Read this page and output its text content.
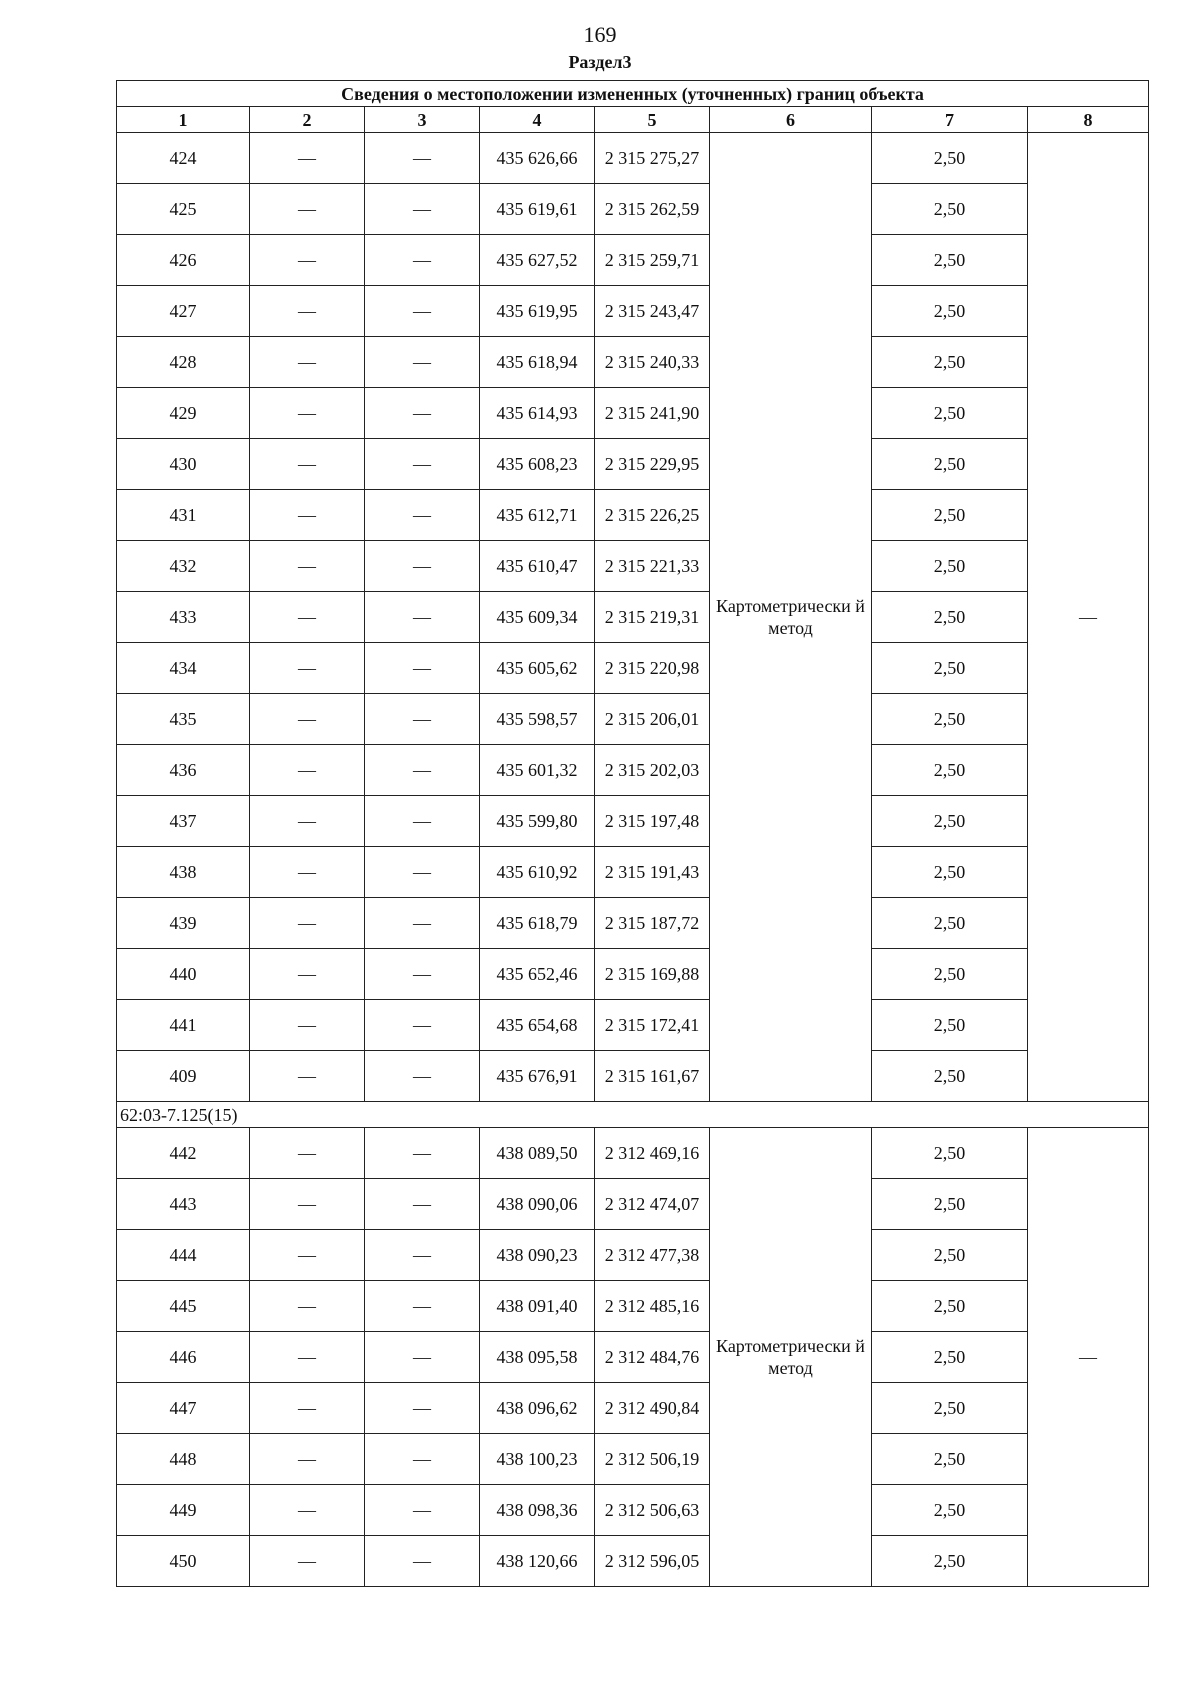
169
Раздел3
Сведения о местоположении измененных (уточненных) границ объекта							
1	2	3	4	5	6	7	8
424	—	—	435 626,66	2 315 275,27	Картометрически й метод	2,50	—
425	—	—	435 619,61	2 315 262,59		2,50	
426	—	—	435 627,52	2 315 259,71		2,50	
427	—	—	435 619,95	2 315 243,47		2,50	
428	—	—	435 618,94	2 315 240,33		2,50	
429	—	—	435 614,93	2 315 241,90		2,50	
430	—	—	435 608,23	2 315 229,95		2,50	
431	—	—	435 612,71	2 315 226,25		2,50	
432	—	—	435 610,47	2 315 221,33		2,50	
433	—	—	435 609,34	2 315 219,31		2,50	
434	—	—	435 605,62	2 315 220,98		2,50	
435	—	—	435 598,57	2 315 206,01		2,50	
436	—	—	435 601,32	2 315 202,03		2,50	
437	—	—	435 599,80	2 315 197,48		2,50	
438	—	—	435 610,92	2 315 191,43		2,50	
439	—	—	435 618,79	2 315 187,72		2,50	
440	—	—	435 652,46	2 315 169,88		2,50	
441	—	—	435 654,68	2 315 172,41		2,50	
409	—	—	435 676,91	2 315 161,67		2,50	
62:03-7.125(15)							
442	—	—	438 089,50	2 312 469,16	Картометрически й метод	2,50	—
443	—	—	438 090,06	2 312 474,07		2,50	
444	—	—	438 090,23	2 312 477,38		2,50	
445	—	—	438 091,40	2 312 485,16		2,50	
446	—	—	438 095,58	2 312 484,76		2,50	
447	—	—	438 096,62	2 312 490,84		2,50	
448	—	—	438 100,23	2 312 506,19		2,50	
449	—	—	438 098,36	2 312 506,63		2,50	
450	—	—	438 120,66	2 312 596,05		2,50	
